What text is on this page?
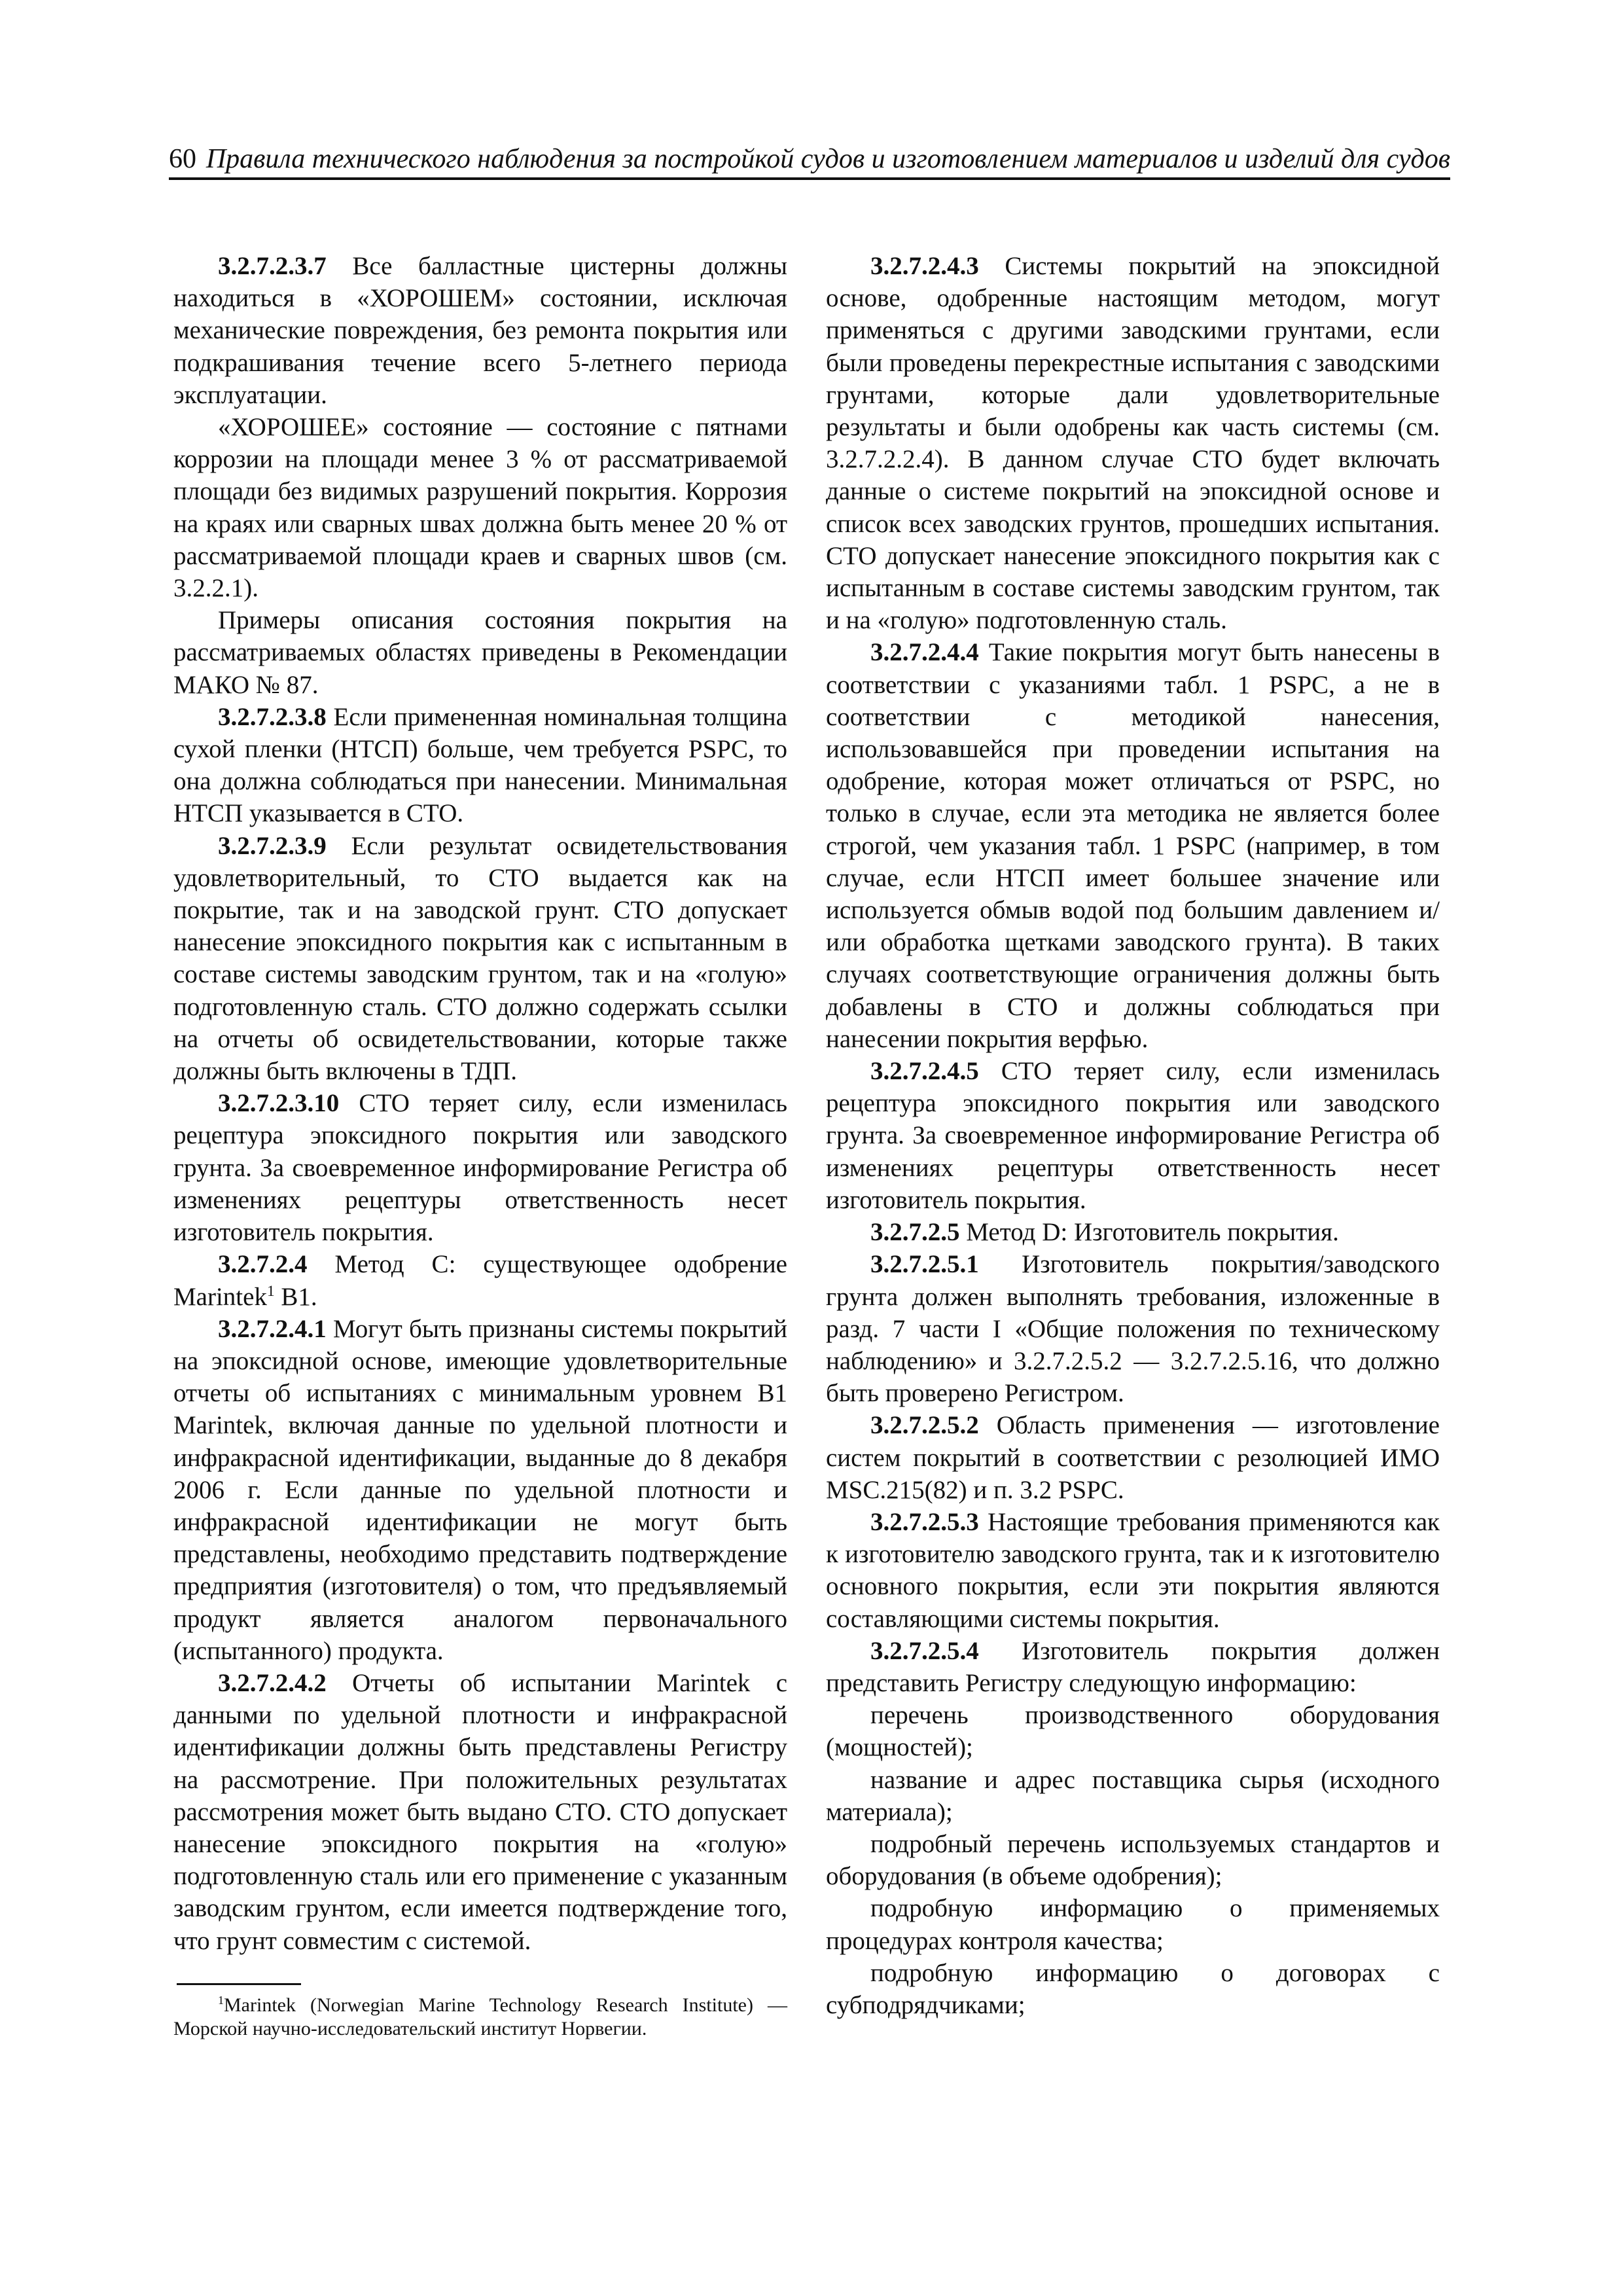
60 Правила технического наблюдения за постройкой судов и изготовлением материалов и изделий для судов

3.2.7.2.3.7 Все балластные цистерны должны находиться в «ХОРОШЕМ» состоянии, исключая механические повреждения, без ремонта покрытия или подкрашивания течение всего 5-летнего периода эксплуатации.

«ХОРОШЕЕ» состояние — состояние с пятнами коррозии на площади менее 3 % от рассматриваемой площади без видимых разрушений покрытия. Коррозия на краях или сварных швах должна быть менее 20 % от рассматриваемой площади краев и сварных швов (см. 3.2.2.1).

Примеры описания состояния покрытия на рассматриваемых областях приведены в Рекомендации МАКО № 87.

3.2.7.2.3.8 Если примененная номинальная толщина сухой пленки (НТСП) больше, чем требуется PSPC, то она должна соблюдаться при нанесении. Минимальная НТСП указывается в СТО.

3.2.7.2.3.9 Если результат освидетельствования удовлетворительный, то СТО выдается как на покрытие, так и на заводской грунт. СТО допускает нанесение эпоксидного покрытия как с испытанным в составе системы заводским грунтом, так и на «голую» подготовленную сталь. СТО должно содержать ссылки на отчеты об освидетельствовании, которые также должны быть включены в ТДП.

3.2.7.2.3.10 СТО теряет силу, если изменилась рецептура эпоксидного покрытия или заводского грунта. За своевременное информирование Регистра об изменениях рецептуры ответственность несет изготовитель покрытия.

3.2.7.2.4 Метод С: существующее одобрение Marintek$^1$ В1.

3.2.7.2.4.1 Могут быть признаны системы покрытий на эпоксидной основе, имеющие удовлетворительные отчеты об испытаниях с минимальным уровнем В1 Marintek, включая данные по удельной плотности и инфракрасной идентификации, выданные до 8 декабря 2006 г. Если данные по удельной плотности и инфракрасной идентификации не могут быть представлены, необходимо представить подтверждение предприятия (изготовителя) о том, что предъявляемый продукт является аналогом первоначального (испытанного) продукта.

3.2.7.2.4.2 Отчеты об испытании Marintek с данными по удельной плотности и инфракрасной идентификации должны быть представлены Регистру на рассмотрение. При положительных результатах рассмотрения может быть выдано СТО. СТО допускает нанесение эпоксидного покрытия на «голую» подготовленную сталь или его применение с указанным заводским грунтом, если имеется подтверждение того, что грунт совместим с системой.

3.2.7.2.4.3 Системы покрытий на эпоксидной основе, одобренные настоящим методом, могут применяться с другими заводскими грунтами, если были проведены перекрестные испытания с заводскими грунтами, которые дали удовлетворительные результаты и были одобрены как часть системы (см. 3.2.7.2.2.4). В данном случае СТО будет включать данные о системе покрытий на эпоксидной основе и список всех заводских грунтов, прошедших испытания. СТО допускает нанесение эпоксидного покрытия как с испытанным в составе системы заводским грунтом, так и на «голую» подготовленную сталь.

3.2.7.2.4.4 Такие покрытия могут быть нанесены в соответствии с указаниями табл. 1 PSPC, а не в соответствии с методикой нанесения, использовавшейся при проведении испытания на одобрение, которая может отличаться от PSPC, но только в случае, если эта методика не является более строгой, чем указания табл. 1 PSPC (например, в том случае, если НТСП имеет большее значение или используется обмыв водой под большим давлением и/или обработка щетками заводского грунта). В таких случаях соответствующие ограничения должны быть добавлены в СТО и должны соблюдаться при нанесении покрытия верфью.

3.2.7.2.4.5 СТО теряет силу, если изменилась рецептура эпоксидного покрытия или заводского грунта. За своевременное информирование Регистра об изменениях рецептуры ответственность несет изготовитель покрытия.

3.2.7.2.5 Метод D: Изготовитель покрытия.

3.2.7.2.5.1 Изготовитель покрытия/заводского грунта должен выполнять требования, изложенные в разд. 7 части I «Общие положения по техническому наблюдению» и 3.2.7.2.5.2 — 3.2.7.2.5.16, что должно быть проверено Регистром.

3.2.7.2.5.2 Область применения — изготовление систем покрытий в соответствии с резолюцией ИМО MSC.215(82) и п. 3.2 PSPC.

3.2.7.2.5.3 Настоящие требования применяются как к изготовителю заводского грунта, так и к изготовителю основного покрытия, если эти покрытия являются составляющими системы покрытия.

3.2.7.2.5.4 Изготовитель покрытия должен представить Регистру следующую информацию:

перечень производственного оборудования (мощностей);

название и адрес поставщика сырья (исходного материала);

подробный перечень используемых стандартов и оборудования (в объеме одобрения);

подробную информацию о применяемых процедурах контроля качества;

подробную информацию о договорах с субподрядчиками;

$^1$Marintek (Norwegian Marine Technology Research Institute) — Морской научно-исследовательский институт Норвегии.
